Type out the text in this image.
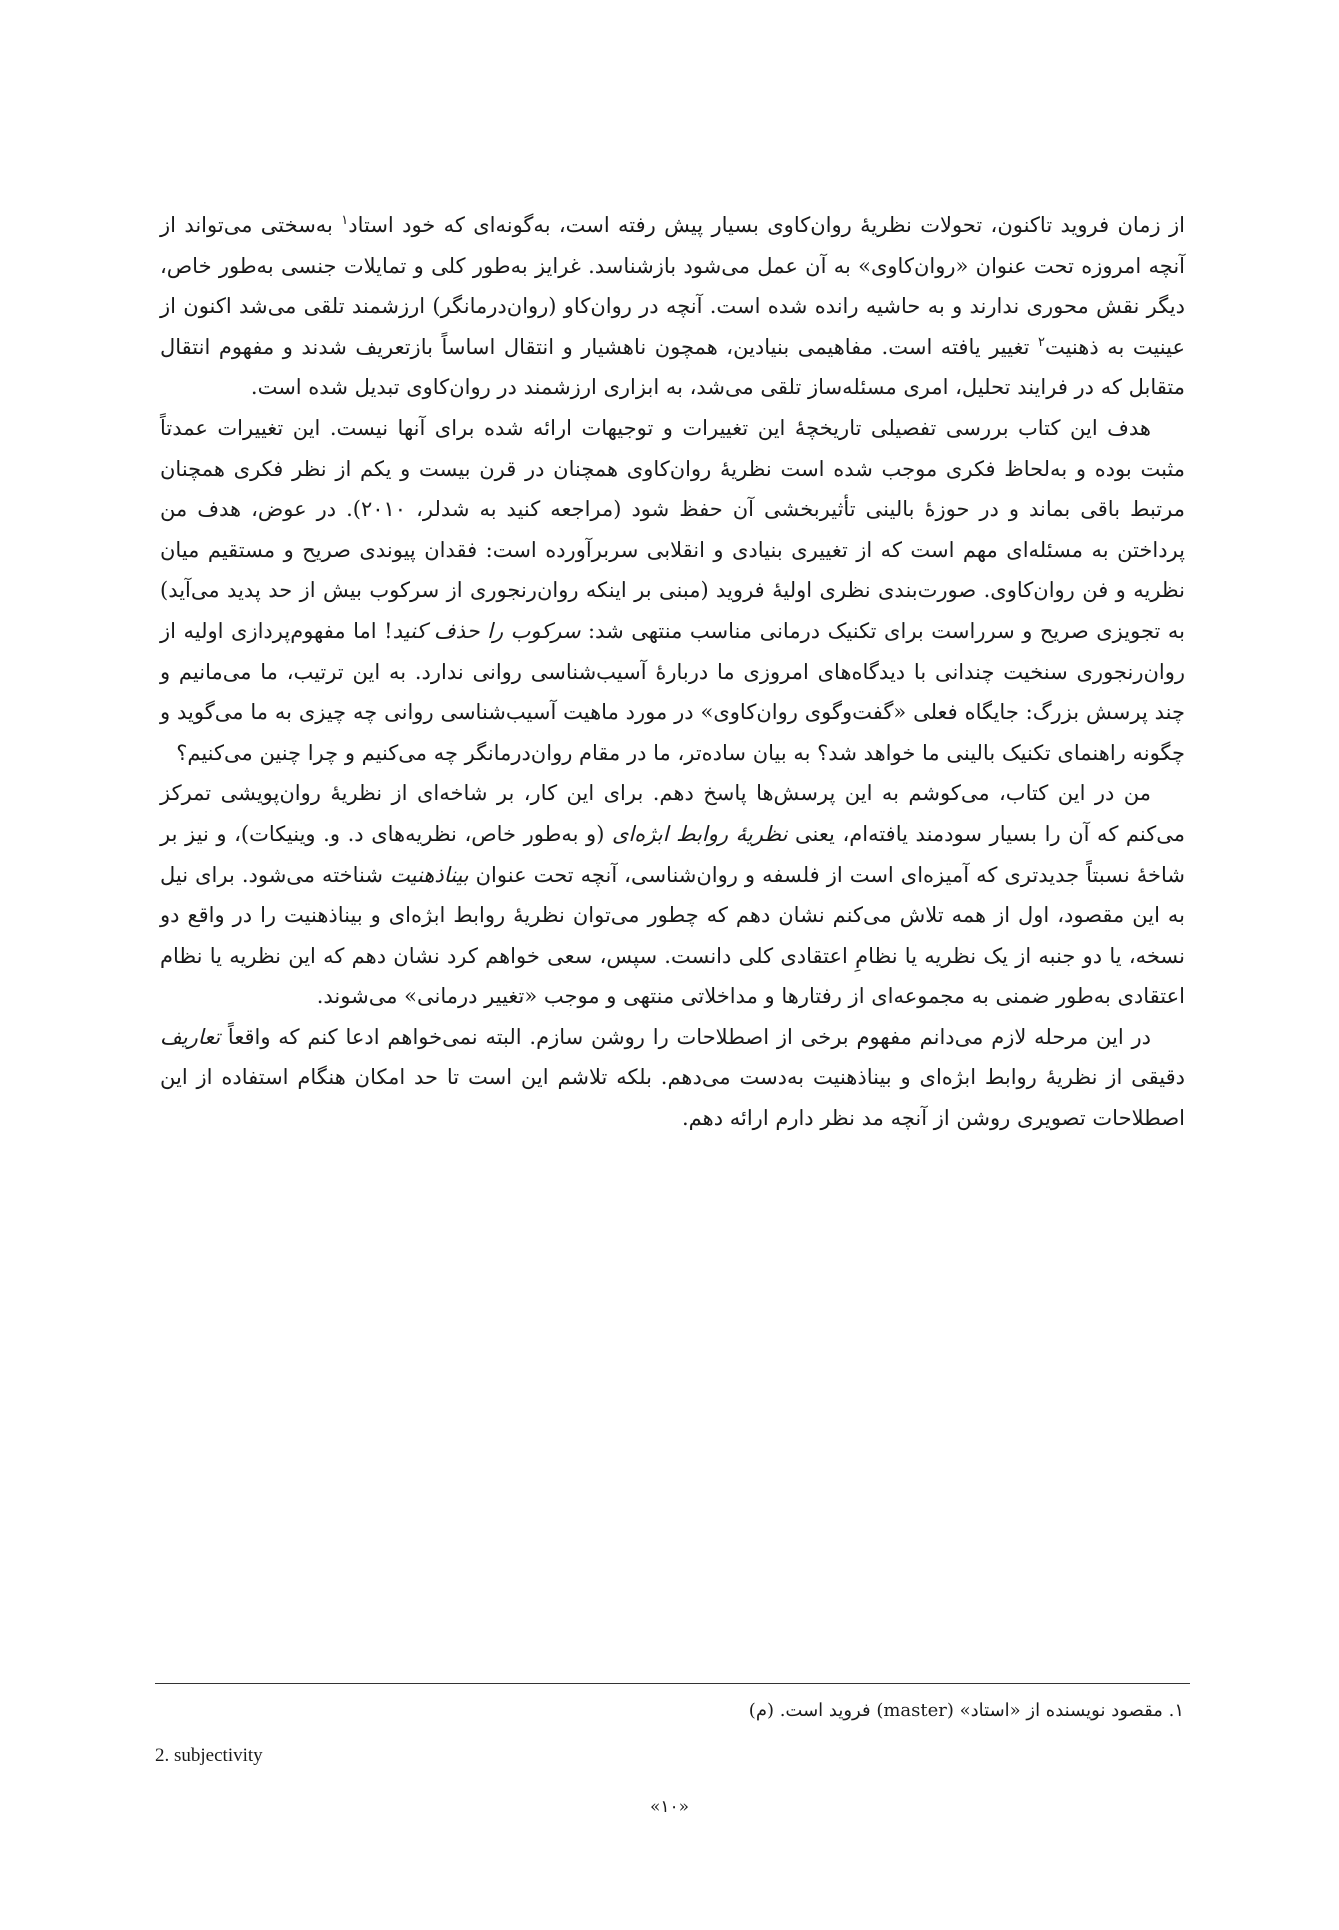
از زمان فروید تاکنون، تحولات نظریهٔ روان‌کاوی بسیار پیش رفته است، به‌گونه‌ای که خود استاد$^۱$ به‌سختی می‌تواند از آنچه امروزه تحت عنوان «روان‌کاوی» به آن عمل می‌شود بازشناسد. غرایز به‌طور کلی و تمایلات جنسی به‌طور خاص، دیگر نقش محوری ندارند و به حاشیه رانده شده است. آنچه در روان‌کاو (روان‌درمانگر) ارزشمند تلقی می‌شد اکنون از عینیت به ذهنیت$^۲$ تغییر یافته است. مفاهیمی بنیادین، همچون ناهشیار و انتقال اساساً بازتعریف شدند و مفهوم انتقال متقابل که در فرایند تحلیل، امری مسئله‌ساز تلقی می‌شد، به ابزاری ارزشمند در روان‌کاوی تبدیل شده است.

هدف این کتاب بررسی تفصیلی تاریخچهٔ این تغییرات و توجیهات ارائه شده برای آنها نیست. این تغییرات عمدتاً مثبت بوده و به‌لحاظ فکری موجب شده است نظریهٔ روان‌کاوی همچنان در قرن بیست و یکم از نظر فکری همچنان مرتبط باقی بماند و در حوزهٔ بالینی تأثیربخشی آن حفظ شود (مراجعه کنید به شدلر، ۲۰۱۰). در عوض، هدف من پرداختن به مسئله‌ای مهم است که از تغییری بنیادی و انقلابی سربرآورده است: فقدان پیوندی صریح و مستقیم میان نظریه و فن روان‌کاوی. صورت‌بندی نظری اولیهٔ فروید (مبنی بر اینکه روان‌رنجوری از سرکوب بیش از حد پدید می‌آید) به تجویزی صریح و سرراست برای تکنیک درمانی مناسب منتهی شد: سرکوب را حذف کنید! اما مفهوم‌پردازی اولیه از روان‌رنجوری سنخیت چندانی با دیدگاه‌های امروزی ما دربارهٔ آسیب‌شناسی روانی ندارد. به این ترتیب، ما می‌مانیم و چند پرسش بزرگ: جایگاه فعلی «گفت‌وگوی روان‌کاوی» در مورد ماهیت آسیب‌شناسی روانی چه چیزی به ما می‌گوید و چگونه راهنمای تکنیک بالینی ما خواهد شد؟ به بیان ساده‌تر، ما در مقام روان‌درمانگر چه می‌کنیم و چرا چنین می‌کنیم؟

من در این کتاب، می‌کوشم به این پرسش‌ها پاسخ دهم. برای این کار، بر شاخه‌ای از نظریهٔ روان‌پویشی تمرکز می‌کنم که آن را بسیار سودمند یافته‌ام، یعنی نظریهٔ روابط ابژه‌ای (و به‌طور خاص، نظریه‌های د. و. وینیکات)، و نیز بر شاخهٔ نسبتاً جدیدتری که آمیزه‌ای است از فلسفه و روان‌شناسی، آنچه تحت عنوان بیناذهنیت شناخته می‌شود. برای نیل به این مقصود، اول از همه تلاش می‌کنم نشان دهم که چطور می‌توان نظریهٔ روابط ابژه‌ای و بیناذهنیت را در واقع دو نسخه، یا دو جنبه از یک نظریه یا نظامِ اعتقادی کلی دانست. سپس، سعی خواهم کرد نشان دهم که این نظریه یا نظام اعتقادی به‌طور ضمنی به مجموعه‌ای از رفتارها و مداخلاتی منتهی و موجب «تغییر درمانی» می‌شوند.

در این مرحله لازم می‌دانم مفهوم برخی از اصطلاحات را روشن سازم. البته نمی‌خواهم ادعا کنم که واقعاً تعاریف دقیقی از نظریهٔ روابط ابژه‌ای و بیناذهنیت به‌دست می‌دهم. بلکه تلاشم این است تا حد امکان هنگام استفاده از این اصطلاحات تصویری روشن از آنچه مد نظر دارم ارائه دهم.

۱. مقصود نویسنده از «استاد» (master) فروید است. (م)
2. subjectivity
«۱۰»
